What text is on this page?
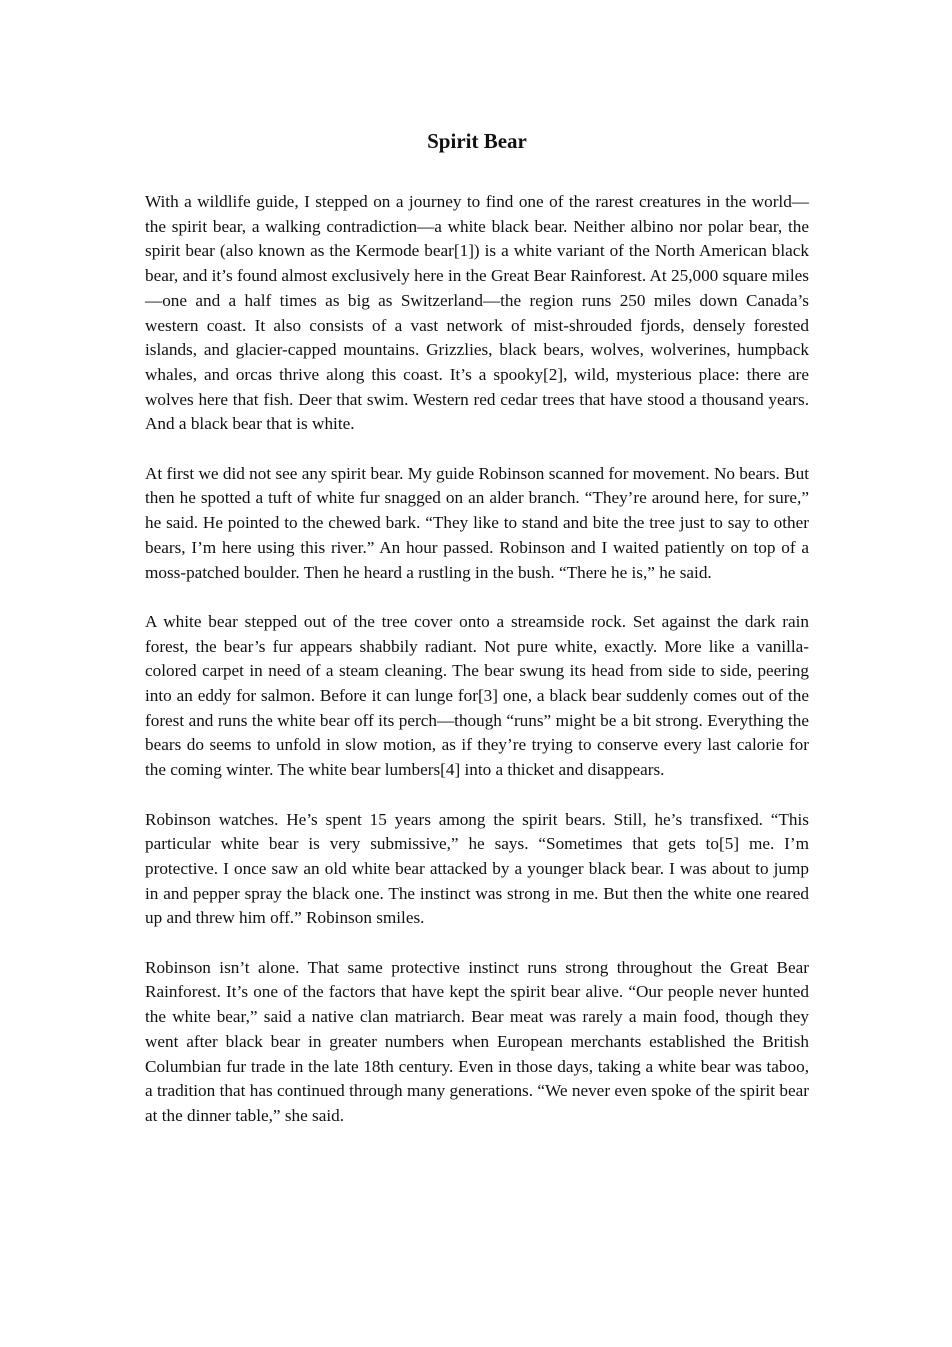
Spirit Bear

With a wildlife guide, I stepped on a journey to find one of the rarest creatures in the world—the spirit bear, a walking contradiction—a white black bear. Neither albino nor polar bear, the spirit bear (also known as the Kermode bear[1]) is a white variant of the North American black bear, and it’s found almost exclusively here in the Great Bear Rainforest. At 25,000 square miles—one and a half times as big as Switzerland—the region runs 250 miles down Canada’s western coast. It also consists of a vast network of mist-shrouded fjords, densely forested islands, and glacier-capped mountains. Grizzlies, black bears, wolves, wolverines, humpback whales, and orcas thrive along this coast. It’s a spooky[2], wild, mysterious place: there are wolves here that fish. Deer that swim. Western red cedar trees that have stood a thousand years. And a black bear that is white.

At first we did not see any spirit bear. My guide Robinson scanned for movement. No bears. But then he spotted a tuft of white fur snagged on an alder branch. “They’re around here, for sure,” he said. He pointed to the chewed bark. “They like to stand and bite the tree just to say to other bears, I’m here using this river.” An hour passed. Robinson and I waited patiently on top of a moss-patched boulder. Then he heard a rustling in the bush. “There he is,” he said.

A white bear stepped out of the tree cover onto a streamside rock. Set against the dark rain forest, the bear’s fur appears shabbily radiant. Not pure white, exactly. More like a vanilla-colored carpet in need of a steam cleaning. The bear swung its head from side to side, peering into an eddy for salmon. Before it can lunge for[3] one, a black bear suddenly comes out of the forest and runs the white bear off its perch—though “runs” might be a bit strong. Everything the bears do seems to unfold in slow motion, as if they’re trying to conserve every last calorie for the coming winter. The white bear lumbers[4] into a thicket and disappears.

Robinson watches. He’s spent 15 years among the spirit bears. Still, he’s transfixed. “This particular white bear is very submissive,” he says. “Sometimes that gets to[5] me. I’m protective. I once saw an old white bear attacked by a younger black bear. I was about to jump in and pepper spray the black one. The instinct was strong in me. But then the white one reared up and threw him off.” Robinson smiles.

Robinson isn’t alone. That same protective instinct runs strong throughout the Great Bear Rainforest. It’s one of the factors that have kept the spirit bear alive. “Our people never hunted the white bear,” said a native clan matriarch. Bear meat was rarely a main food, though they went after black bear in greater numbers when European merchants established the British Columbian fur trade in the late 18th century. Even in those days, taking a white bear was taboo, a tradition that has continued through many generations. “We never even spoke of the spirit bear at the dinner table,” she said.
